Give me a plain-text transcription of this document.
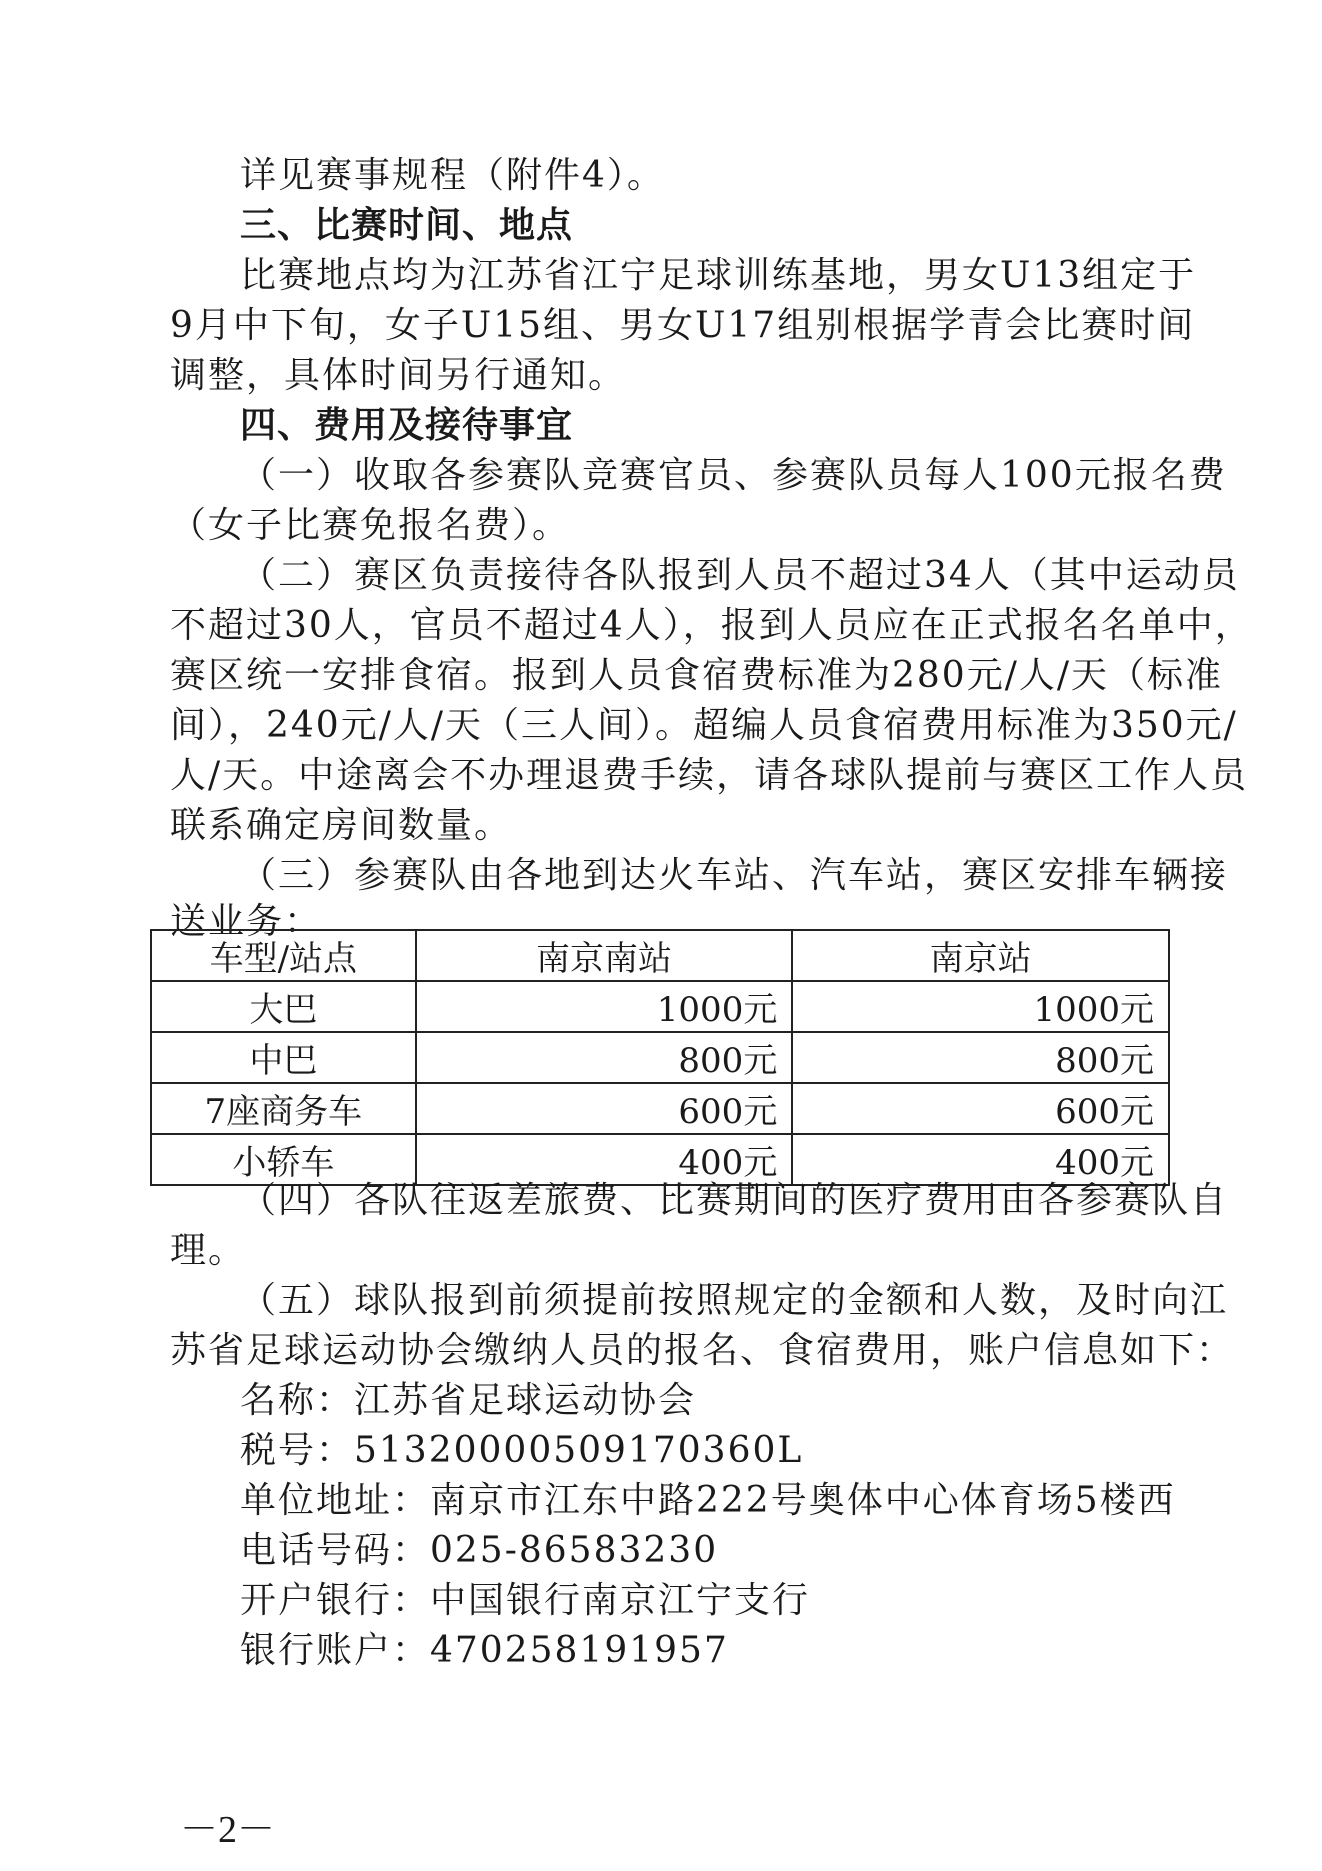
详见赛事规程（附件4）。
三、比赛时间、地点
比赛地点均为江苏省江宁足球训练基地，男女U13组定于
9月中下旬，女子U15组、男女U17组别根据学青会比赛时间
调整，具体时间另行通知。
四、费用及接待事宜
（一）收取各参赛队竞赛官员、参赛队员每人100元报名费
（女子比赛免报名费）。
（二）赛区负责接待各队报到人员不超过34人（其中运动员
不超过30人，官员不超过4人），报到人员应在正式报名名单中，
赛区统一安排食宿。报到人员食宿费标准为280元/人/天（标准
间），240元/人/天（三人间）。超编人员食宿费用标准为350元/
人/天。中途离会不办理退费手续，请各球队提前与赛区工作人员
联系确定房间数量。
（三）参赛队由各地到达火车站、汽车站，赛区安排车辆接
送业务：
车型/站点	南京南站	南京站
大巴	1000元	1000元
中巴	800元	800元
7座商务车	600元	600元
小轿车	400元	400元
（四）各队往返差旅费、比赛期间的医疗费用由各参赛队自
理。
（五）球队报到前须提前按照规定的金额和人数，及时向江
苏省足球运动协会缴纳人员的报名、食宿费用，账户信息如下：
名称：江苏省足球运动协会
税号：51320000509170360L
单位地址：南京市江东中路222号奥体中心体育场5楼西
电话号码：025-86583230
开户银行：中国银行南京江宁支行
银行账户：470258191957
－2－
